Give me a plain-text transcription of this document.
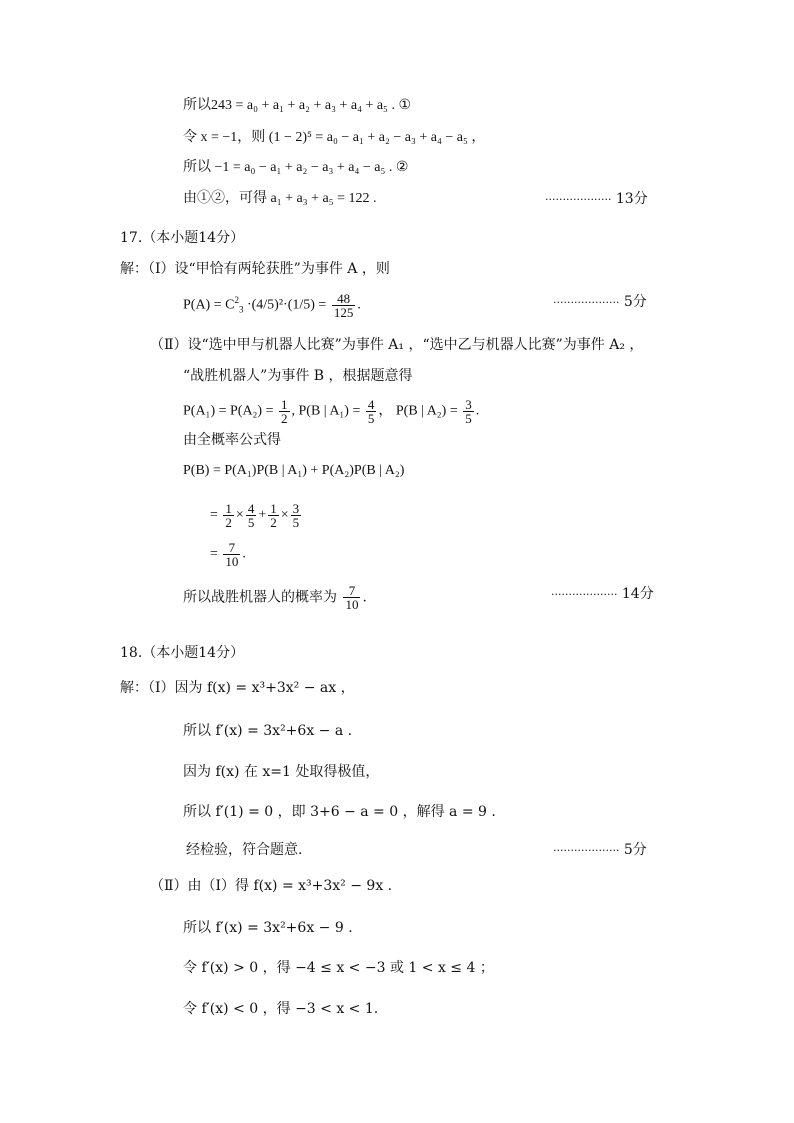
所以243 = a₀ + a₁ + a₂ + a₃ + a₄ + a₅ . ①
令 x = −1，则 (1 − 2)⁵ = a₀ − a₁ + a₂ − a₃ + a₄ − a₅ ，
所以 −1 = a₀ − a₁ + a₂ − a₃ + a₄ − a₅ . ②
由①②，可得 a₁ + a₃ + a₅ = 122 .	··················· 13分
17.（本小题14分）
解：（Ⅰ）设“甲恰有两轮获胜”为事件 A ，则
$P(A) = C^2_3 \cdot(4/5)^2\cdot(1/5) = \frac{48}{125}$ .	··················· 5分
（Ⅱ）设“选中甲与机器人比赛”为事件 A₁ ，“选中乙与机器人比赛”为事件 A₂ ，
“战胜机器人”为事件 B ，根据题意得
$P(A_1) = P(A_2) = \frac{1}{2}$ , P(B | $A_1) = \frac{4}{5}$ ， P(B | $A_2) = \frac{3}{5}$ .
由全概率公式得
P(B) = P(A₁)P(B | A₁) + P(A₂)P(B | A₂)
= $\frac{1}{2} \times \frac{4}{5} + \frac{1}{2} \times \frac{3}{5}$
= $\frac{7}{10}$ .
所以战胜机器人的概率为 $\frac{7}{10}$ .	··················· 14分
18.（本小题14分）
解：（Ⅰ）因为 f(x) = x³+3x² − ax ，
所以 f′(x) = 3x²+6x − a .
因为 f(x) 在 x=1 处取得极值，
所以 f′(1) = 0 ，即 3+6 − a = 0 ，解得 a = 9 .
经检验，符合题意.	··················· 5分
（Ⅱ）由（Ⅰ）得 f(x) = x³+3x² − 9x .
所以 f′(x) = 3x²+6x − 9 .
令 f′(x) > 0 ，得 −4 ≤ x < −3 或 1 < x ≤ 4 ；
令 f′(x) < 0 ，得 −3 < x < 1.
